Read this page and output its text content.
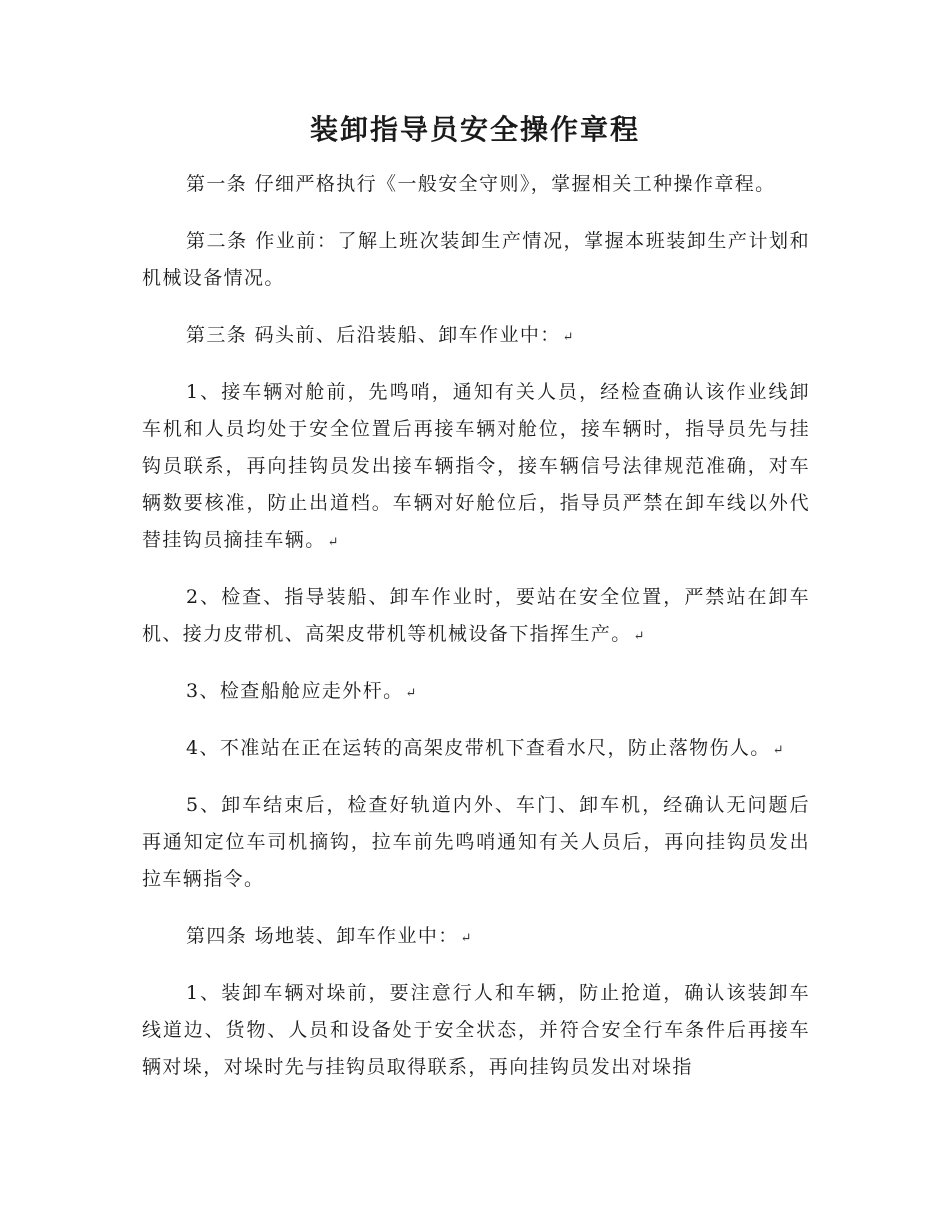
装卸指导员安全操作章程

第一条 仔细严格执行《一般安全守则》，掌握相关工种操作章程。

第二条 作业前：了解上班次装卸生产情况，掌握本班装卸生产计划和机械设备情况。

第三条 码头前、后沿装船、卸车作业中： ↵

1、接车辆对舱前，先鸣哨，通知有关人员，经检查确认该作业线卸车机和人员均处于安全位置后再接车辆对舱位，接车辆时，指导员先与挂钩员联系，再向挂钩员发出接车辆指令，接车辆信号法律规范准确，对车辆数要核准，防止出道档。车辆对好舱位后，指导员严禁在卸车线以外代替挂钩员摘挂车辆。 ↵

2、检查、指导装船、卸车作业时，要站在安全位置，严禁站在卸车机、接力皮带机、高架皮带机等机械设备下指挥生产。 ↵

3、检查船舱应走外杆。 ↵

4、不准站在正在运转的高架皮带机下查看水尺，防止落物伤人。 ↵

5、卸车结束后，检查好轨道内外、车门、卸车机，经确认无问题后再通知定位车司机摘钩，拉车前先鸣哨通知有关人员后，再向挂钩员发出拉车辆指令。

第四条 场地装、卸车作业中： ↵

1、装卸车辆对垛前，要注意行人和车辆，防止抢道，确认该装卸车线道边、货物、人员和设备处于安全状态，并符合安全行车条件后再接车辆对垛，对垛时先与挂钩员取得联系，再向挂钩员发出对垛指
